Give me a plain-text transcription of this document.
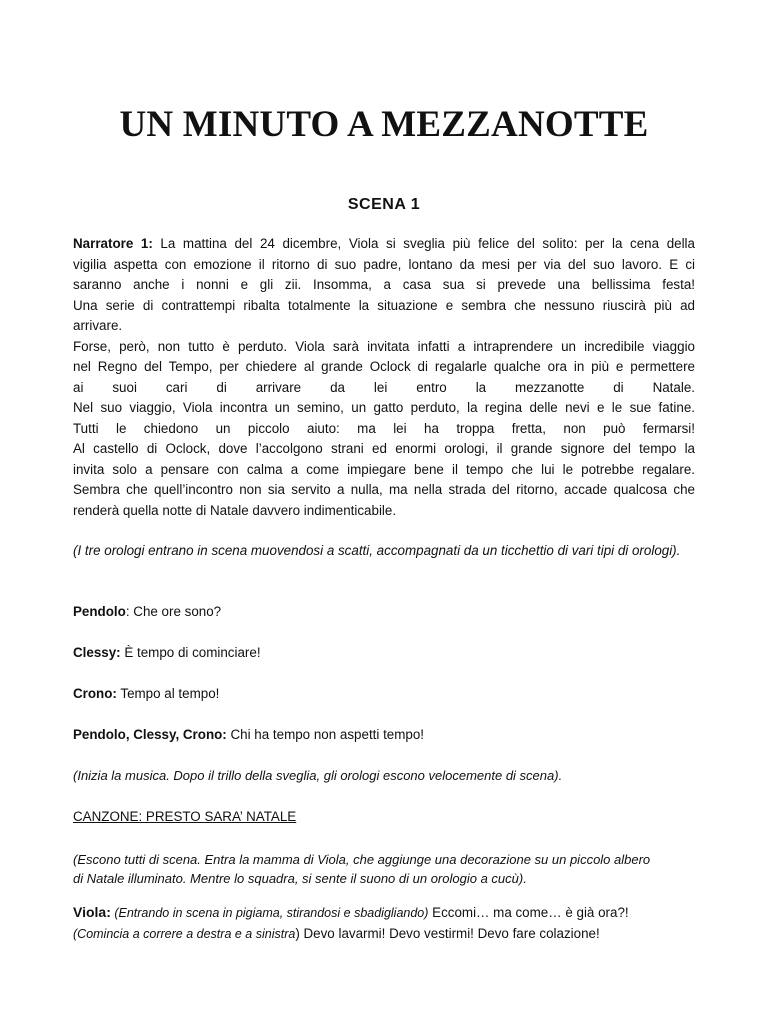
UN MINUTO A MEZZANOTTE
SCENA 1
Narratore 1: La mattina del 24 dicembre, Viola si sveglia più felice del solito: per la cena della
vigilia aspetta con emozione il ritorno di suo padre, lontano da mesi per via del suo lavoro. E ci
saranno anche i nonni e gli zii. Insomma, a casa sua si prevede una bellissima festa!
Una serie di contrattempi ribalta totalmente la situazione e sembra che nessuno riuscirà più ad
arrivare.
Forse, però, non tutto è perduto. Viola sarà invitata infatti a intraprendere un incredibile viaggio
nel Regno del Tempo, per chiedere al grande Oclock di regalarle qualche ora in più e permettere
ai suoi cari di arrivare da lei entro la mezzanotte di Natale.
Nel suo viaggio, Viola incontra un semino, un gatto perduto, la regina delle nevi e le sue fatine.
Tutti le chiedono un piccolo aiuto: ma lei ha troppa fretta, non può fermarsi!
Al castello di Oclock, dove l’accolgono strani ed enormi orologi, il grande signore del tempo la
invita solo a pensare con calma a come impiegare bene il tempo che lui le potrebbe regalare.
Sembra che quell’incontro non sia servito a nulla, ma nella strada del ritorno, accade qualcosa che
renderà quella notte di Natale davvero indimenticabile.
(I tre orologi entrano in scena muovendosi a scatti, accompagnati da un ticchettio di vari tipi di orologi).
Pendolo: Che ore sono?
Clessy: È tempo di cominciare!
Crono: Tempo al tempo!
Pendolo, Clessy, Crono: Chi ha tempo non aspetti tempo!
(Inizia la musica. Dopo il trillo della sveglia, gli orologi escono velocemente di scena).
CANZONE: PRESTO SARA’ NATALE
(Escono tutti di scena. Entra la mamma di Viola, che aggiunge una decorazione su un piccolo albero
di Natale illuminato. Mentre lo squadra, si sente il suono di un orologio a cucù).
Viola: (Entrando in scena in pigiama, stirandosi e sbadigliando) Eccomi… ma come… è già ora?!
(Comincia a correre a destra e a sinistra) Devo lavarmi! Devo vestirmi! Devo fare colazione!
